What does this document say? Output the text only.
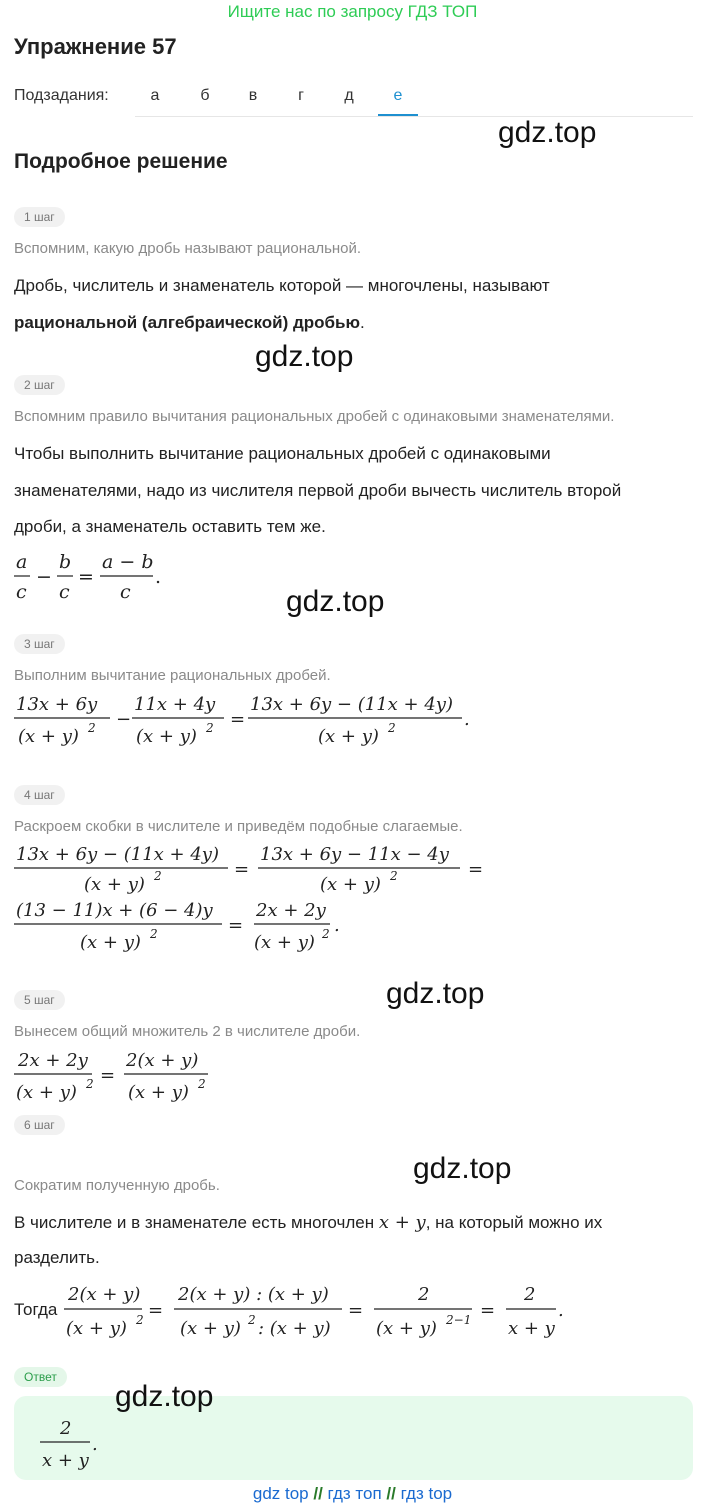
Ищите нас по запросу ГДЗ ТОП
Упражнение 57
Подзадания:	а	б	в	г	д	е
gdz.top
gdz.top
gdz.top
gdz.top
gdz.top
gdz.top
Подробное решение
1 шаг
Вспомним, какую дробь называют рациональной.
Дробь, числитель и знаменатель которой — многочлены, называют
рациональной (алгебраической) дробью.
2 шаг
Вспомним правило вычитания рациональных дробей с одинаковыми знаменателями.
Чтобы выполнить вычитание рациональных дробей с одинаковыми
знаменателями, надо из числителя первой дроби вычесть числитель второй
дроби, а знаменатель оставить тем же.
a
c
−
b
c
=
a − b
c
.
3 шаг
Выполним вычитание рациональных дробей.
13x + 6y
(x + y) 2 −
11x + 4y
(x + y) 2 =
13x + 6y − (11x + 4y)
(x + y) 2	.
4 шаг
Раскроем скобки в числителе и приведём подобные слагаемые.
13x + 6y − (11x + 4y)
(x + y) 2	=
13x + 6y − 11x − 4y
(x + y) 2	=
(13 − 11)x + (6 − 4)y
(x + y) 2	=
2x + 2y
(x + y) 2 .
5 шаг
Вынесем общий множитель 2 в числителе дроби.
2x + 2y
(x + y) 2 =
2(x + y)
(x + y) 2
6 шаг
Сократим полученную дробь.
В числителе и в знаменателе есть многочлен x + y, на который можно их
разделить.
Тогда
2(x + y)
(x + y) 2 =
2(x + y) : (x + y)
(x + y) 2 : (x + y)
=
2
(x + y) 2−1 =
2
x + y
.
Ответ
2
x + y
.
gdz top // гдз топ // гдз top
